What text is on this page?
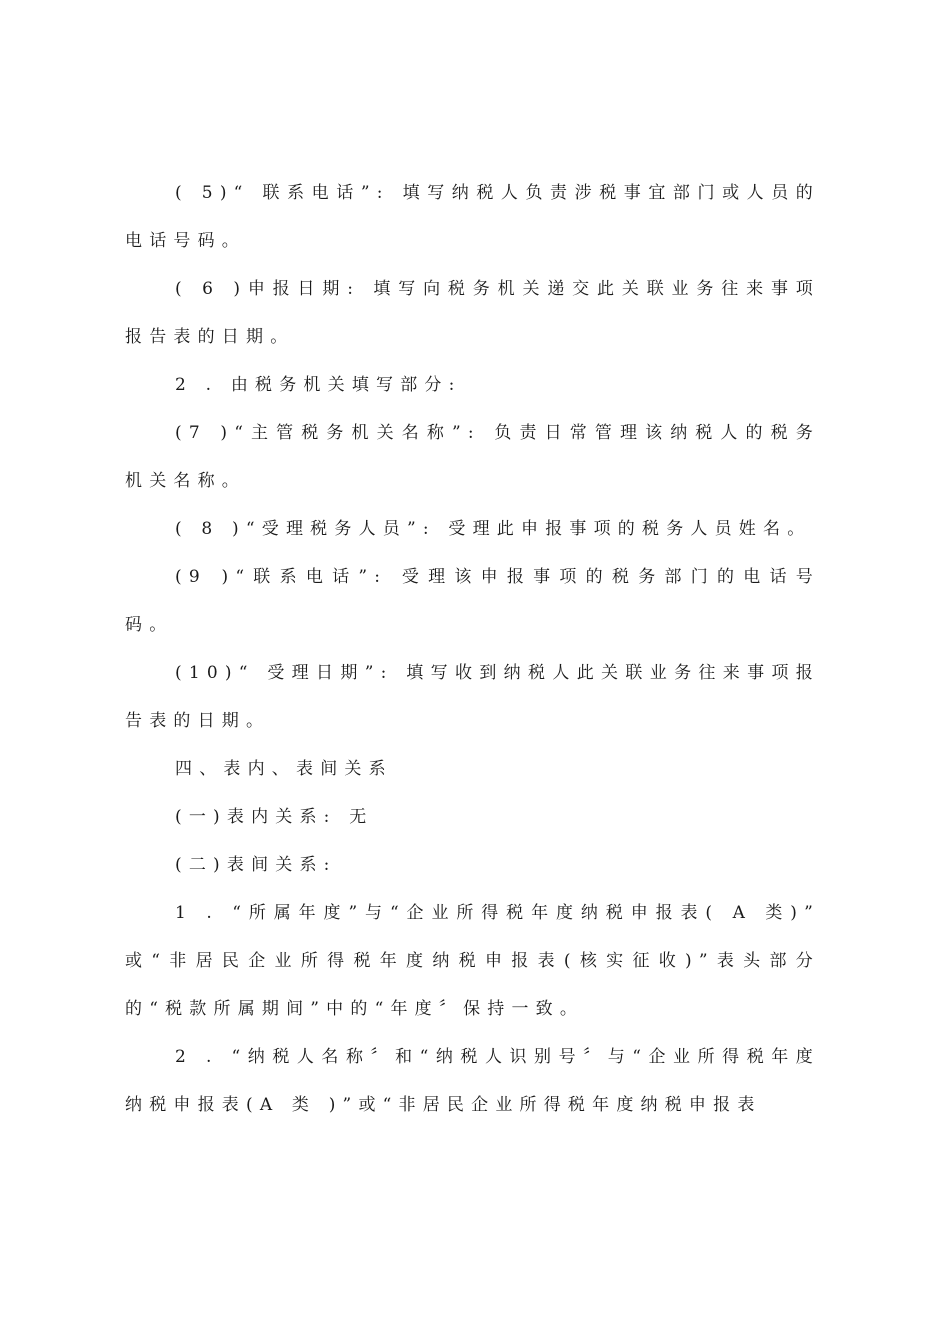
( 5)“ 联系电话”: 填写纳税人负责涉税事宜部门或人员的电话号码。

( 6 )申报日期: 填写向税务机关递交此关联业务往来事项报告表的日期。

2 . 由税务机关填写部分:

(7 )“主管税务机关名称”: 负责日常管理该纳税人的税务机关名称。

( 8 )“受理税务人员”: 受理此申报事项的税务人员姓名。

(9 )“联系电话”: 受理该申报事项的税务部门的电话号码。

(10)“ 受理日期”: 填写收到纳税人此关联业务往来事项报告表的日期。

四、表内、表间关系

(一)表内关系: 无

(二)表间关系:

1 . “所属年度”与“企业所得税年度纳税申报表( A 类)” 或“非居民企业所得税年度纳税申报表(核实征收)”表头部分的“税款所属期间”中的“年度〞保持一致。

2 . “纳税人名称〞和“纳税人识别号〞与“企业所得税年度纳税申报表(A 类 )”或“非居民企业所得税年度纳税申报表
